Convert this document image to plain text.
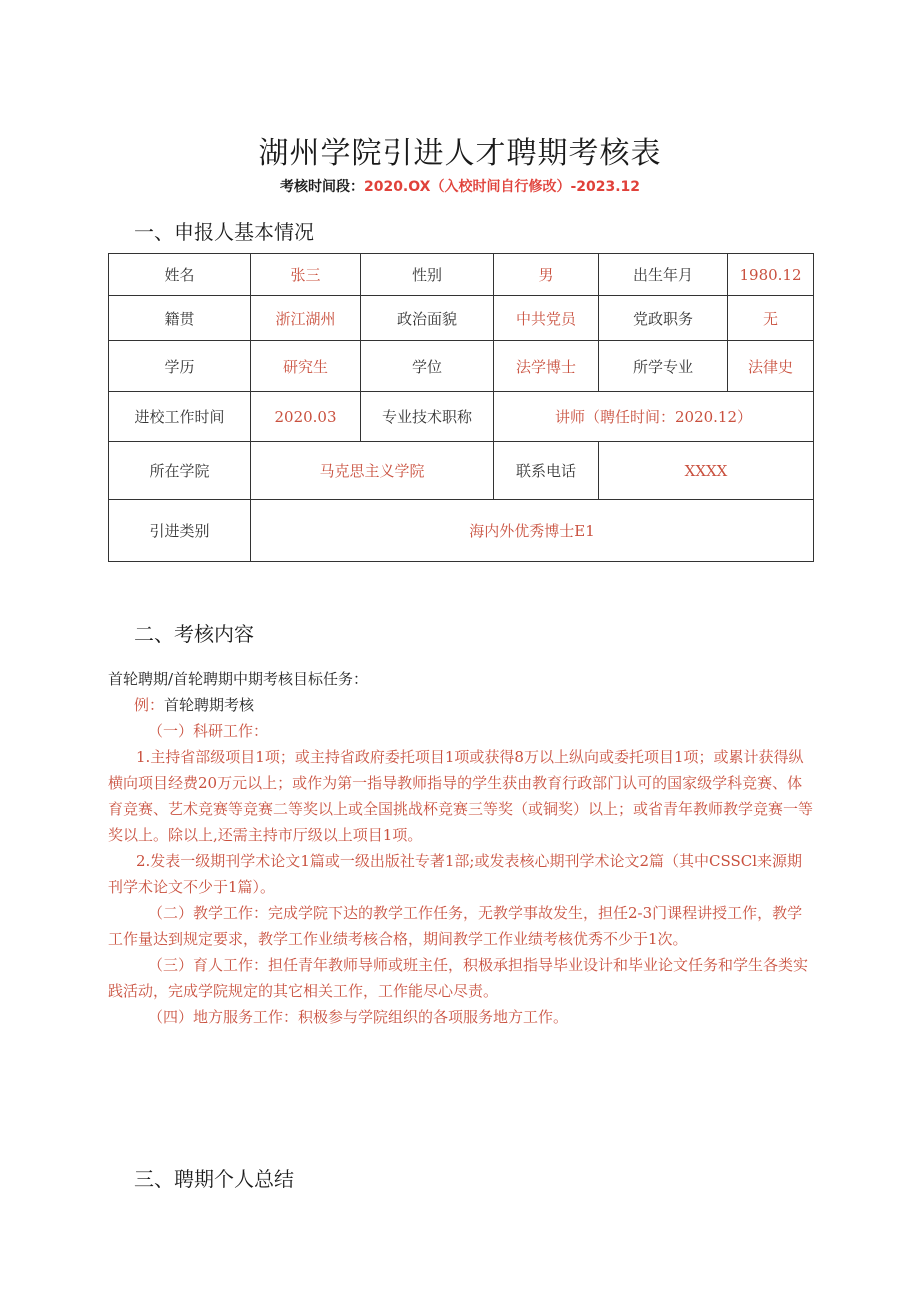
湖州学院引进人才聘期考核表
考核时间段：2020.OX（入校时间自行修改）-2023.12
一、申报人基本情况
姓名	张三	性别	男	出生年月	1980.12
籍贯	浙江湖州	政治面貌	中共党员	党政职务	无
学历	研究生	学位	法学博士	所学专业	法律史
进校工作时间	2020.03	专业技术职称	讲师（聘任时间：2020.12）		
所在学院	马克思主义学院		联系电话	XXXX	
引进类别	海内外优秀博士E1				
二、考核内容

首轮聘期/首轮聘期中期考核目标任务：

例：首轮聘期考核

（一）科研工作：

1.主持省部级项目1项；或主持省政府委托项目1项或获得8万以上纵向或委托项目1项；或累计获得纵横向项目经费20万元以上；或作为第一指导教师指导的学生获由教育行政部门认可的国家级学科竞赛、体育竞赛、艺术竞赛等竞赛二等奖以上或全国挑战杯竞赛三等奖（或铜奖）以上；或省青年教师教学竞赛一等奖以上。除以上,还需主持市厅级以上项目1项。

2.发表一级期刊学术论文1篇或一级出版社专著1部;或发表核心期刊学术论文2篇（其中CSSCl来源期刊学术论文不少于1篇）。

（二）教学工作：完成学院下达的教学工作任务，无教学事故发生，担任2-3门课程讲授工作，教学工作量达到规定要求，教学工作业绩考核合格，期间教学工作业绩考核优秀不少于1次。

（三）育人工作：担任青年教师导师或班主任，积极承担指导毕业设计和毕业论文任务和学生各类实践活动，完成学院规定的其它相关工作，工作能尽心尽责。

（四）地方服务工作：积极参与学院组织的各项服务地方工作。

三、聘期个人总结
